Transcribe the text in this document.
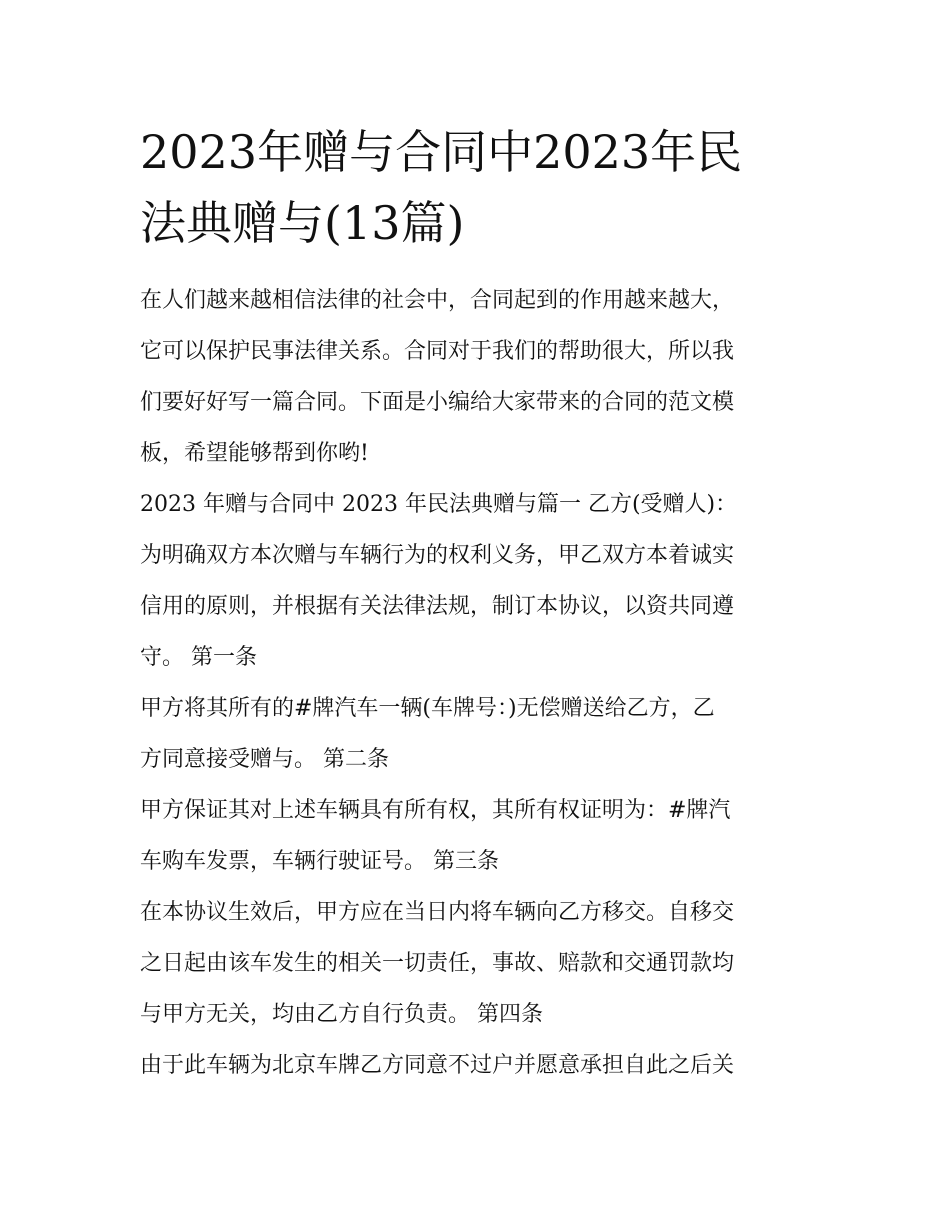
2023年赠与合同中2023年民
法典赠与(13篇)
在人们越来越相信法律的社会中，合同起到的作用越来越大，
它可以保护民事法律关系。合同对于我们的帮助很大，所以我
们要好好写一篇合同。下面是小编给大家带来的合同的范文模
板，希望能够帮到你哟!
2023 年赠与合同中 2023 年民法典赠与篇一 乙方(受赠人)：
为明确双方本次赠与车辆行为的权利义务，甲乙双方本着诚实
信用的原则，并根据有关法律法规，制订本协议，以资共同遵
守。 第一条
甲方将其所有的#牌汽车一辆(车牌号：)无偿赠送给乙方，乙
方同意接受赠与。 第二条
甲方保证其对上述车辆具有所有权，其所有权证明为：#牌汽
车购车发票，车辆行驶证号。 第三条
在本协议生效后，甲方应在当日内将车辆向乙方移交。自移交
之日起由该车发生的相关一切责任，事故、赔款和交通罚款均
与甲方无关，均由乙方自行负责。 第四条
由于此车辆为北京车牌乙方同意不过户并愿意承担自此之后关
